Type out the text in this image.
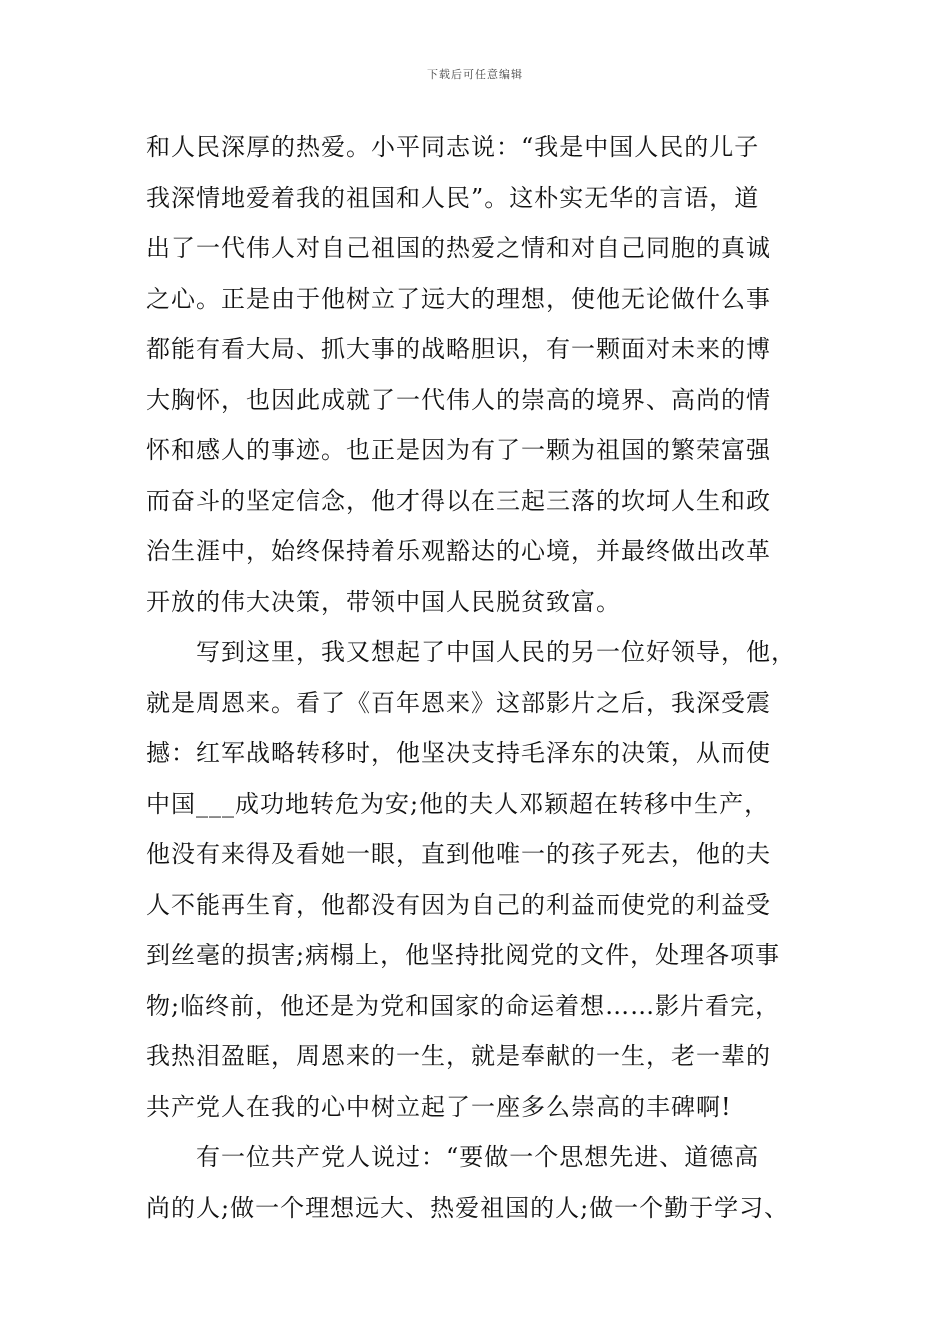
下载后可任意编辑
和人民深厚的热爱。小平同志说：“我是中国人民的儿子
我深情地爱着我的祖国和人民”。这朴实无华的言语，道
出了一代伟人对自己祖国的热爱之情和对自己同胞的真诚
之心。正是由于他树立了远大的理想，使他无论做什么事
都能有看大局、抓大事的战略胆识，有一颗面对未来的博
大胸怀，也因此成就了一代伟人的崇高的境界、高尚的情
怀和感人的事迹。也正是因为有了一颗为祖国的繁荣富强
而奋斗的坚定信念，他才得以在三起三落的坎坷人生和政
治生涯中，始终保持着乐观豁达的心境，并最终做出改革
开放的伟大决策，带领中国人民脱贫致富。
写到这里，我又想起了中国人民的另一位好领导，他，
就是周恩来。看了《百年恩来》这部影片之后，我深受震
撼：红军战略转移时，他坚决支持毛泽东的决策，从而使
中国___成功地转危为安;他的夫人邓颖超在转移中生产，
他没有来得及看她一眼，直到他唯一的孩子死去，他的夫
人不能再生育，他都没有因为自己的利益而使党的利益受
到丝毫的损害;病榻上，他坚持批阅党的文件，处理各项事
物;临终前，他还是为党和国家的命运着想……影片看完，
我热泪盈眶，周恩来的一生，就是奉献的一生，老一辈的
共产党人在我的心中树立起了一座多么崇高的丰碑啊!
有一位共产党人说过：“要做一个思想先进、道德高
尚的人;做一个理想远大、热爱祖国的人;做一个勤于学习、
